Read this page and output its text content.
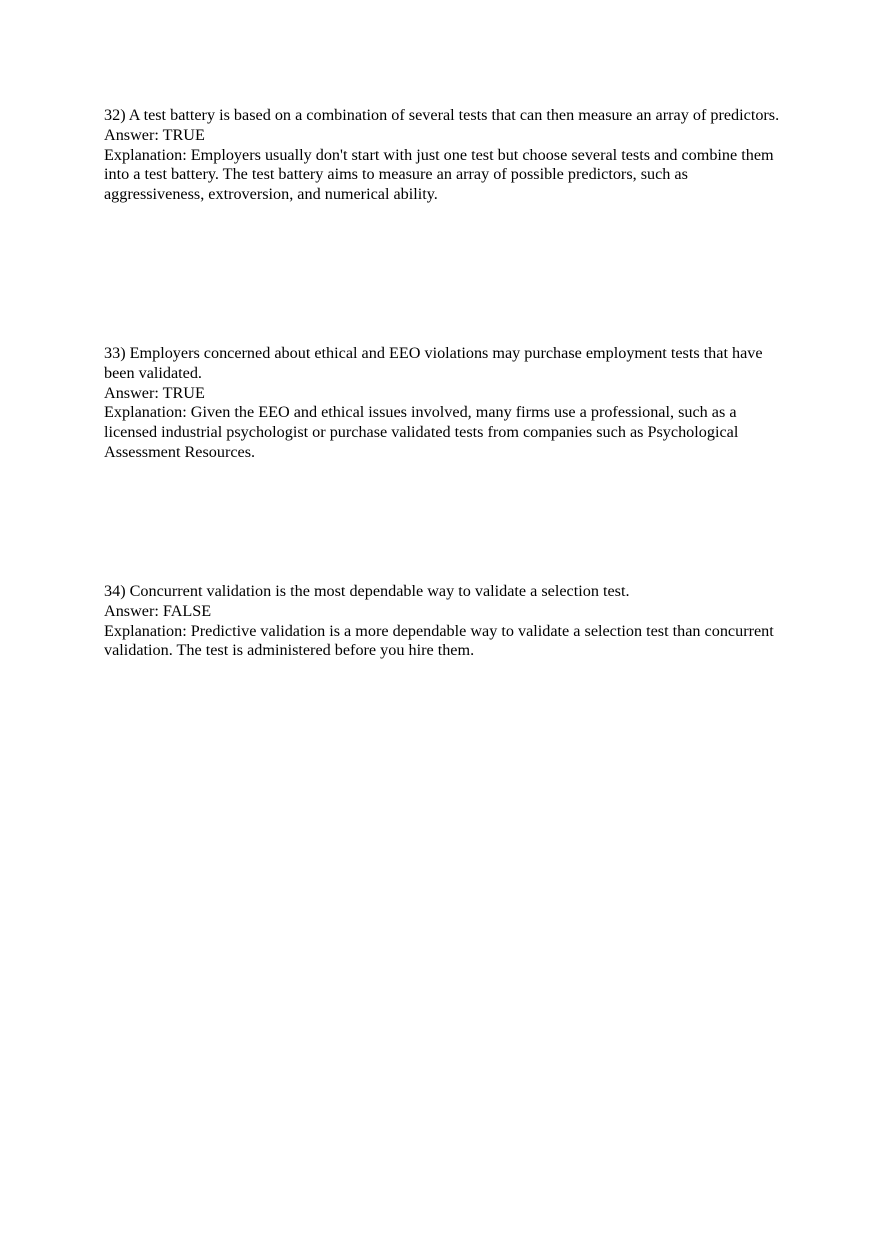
32) A test battery is based on a combination of several tests that can then measure an array of predictors.

Answer: TRUE

Explanation: Employers usually don't start with just one test but choose several tests and combine them into a test battery. The test battery aims to measure an array of possible predictors, such as aggressiveness, extroversion, and numerical ability.

33) Employers concerned about ethical and EEO violations may purchase employment tests that have been validated.

Answer: TRUE

Explanation: Given the EEO and ethical issues involved, many firms use a professional, such as a licensed industrial psychologist or purchase validated tests from companies such as Psychological Assessment Resources.

34) Concurrent validation is the most dependable way to validate a selection test.

Answer: FALSE

Explanation: Predictive validation is a more dependable way to validate a selection test than concurrent validation. The test is administered before you hire them.
